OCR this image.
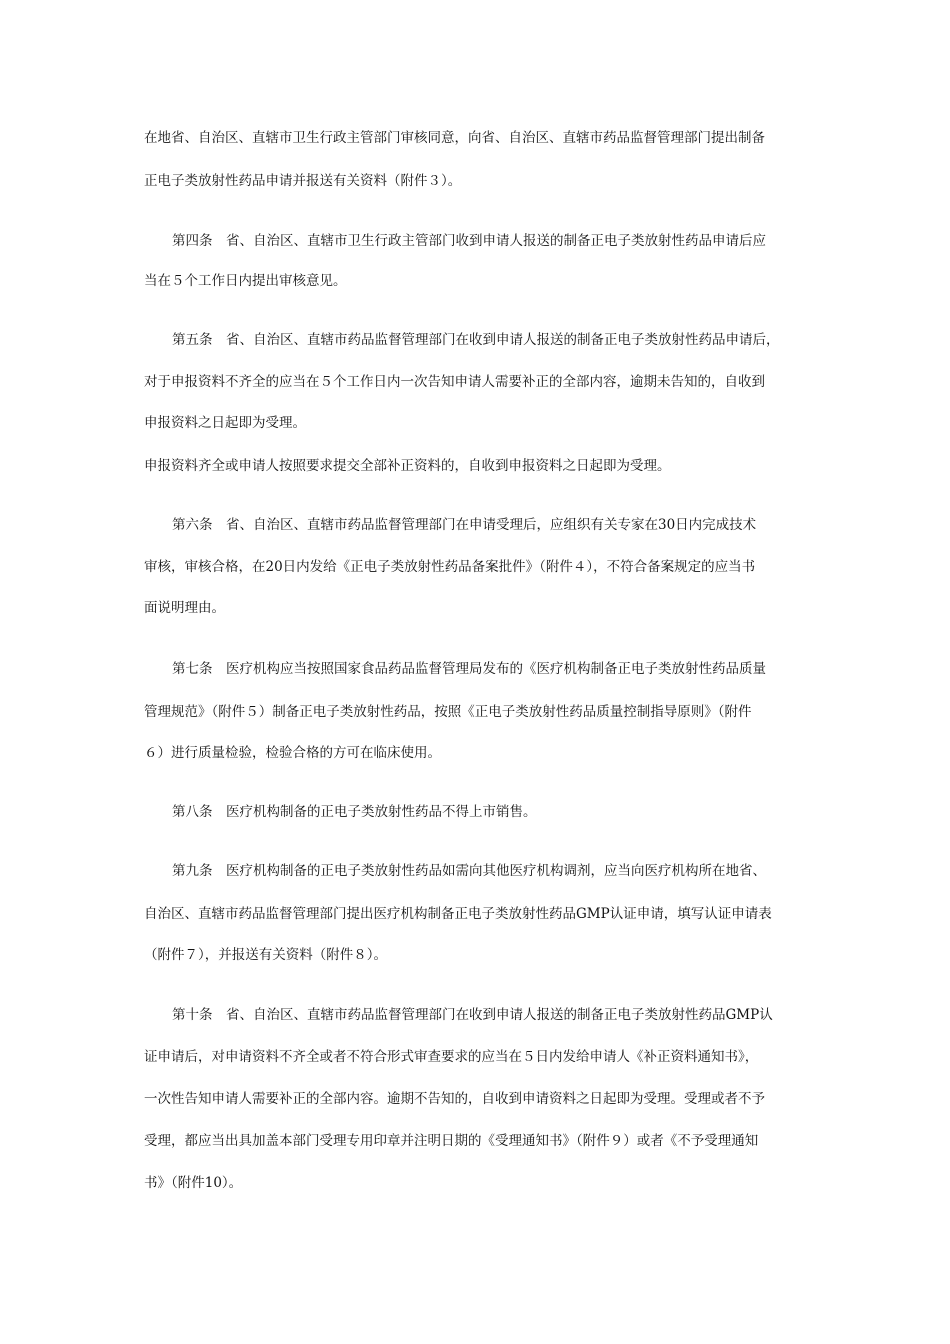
在地省、自治区、直辖市卫生行政主管部门审核同意，向省、自治区、直辖市药品监督管理部门提出制备
正电子类放射性药品申请并报送有关资料（附件３）。
第四条　省、自治区、直辖市卫生行政主管部门收到申请人报送的制备正电子类放射性药品申请后应
当在５个工作日内提出审核意见。
第五条　省、自治区、直辖市药品监督管理部门在收到申请人报送的制备正电子类放射性药品申请后，
对于申报资料不齐全的应当在５个工作日内一次告知申请人需要补正的全部内容，逾期未告知的，自收到
申报资料之日起即为受理。
申报资料齐全或申请人按照要求提交全部补正资料的，自收到申报资料之日起即为受理。
第六条　省、自治区、直辖市药品监督管理部门在申请受理后，应组织有关专家在30日内完成技术
审核，审核合格，在20日内发给《正电子类放射性药品备案批件》（附件４），不符合备案规定的应当书
面说明理由。
第七条　医疗机构应当按照国家食品药品监督管理局发布的《医疗机构制备正电子类放射性药品质量
管理规范》（附件５）制备正电子类放射性药品，按照《正电子类放射性药品质量控制指导原则》（附件
６）进行质量检验，检验合格的方可在临床使用。
第八条　医疗机构制备的正电子类放射性药品不得上市销售。
第九条　医疗机构制备的正电子类放射性药品如需向其他医疗机构调剂，应当向医疗机构所在地省、
自治区、直辖市药品监督管理部门提出医疗机构制备正电子类放射性药品GMP认证申请，填写认证申请表
（附件７），并报送有关资料（附件８）。
第十条　省、自治区、直辖市药品监督管理部门在收到申请人报送的制备正电子类放射性药品GMP认
证申请后，对申请资料不齐全或者不符合形式审查要求的应当在５日内发给申请人《补正资料通知书》，
一次性告知申请人需要补正的全部内容。逾期不告知的，自收到申请资料之日起即为受理。受理或者不予
受理，都应当出具加盖本部门受理专用印章并注明日期的《受理通知书》（附件９）或者《不予受理通知
书》（附件10）。
